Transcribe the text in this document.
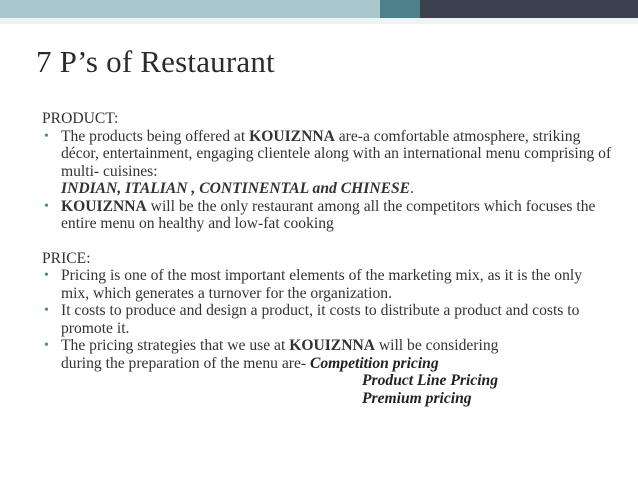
7 P’s of Restaurant

PRODUCT:

• The products being offered at KOUIZNNA are-a comfortable atmosphere, striking décor, entertainment, engaging clientele along with an international menu comprising of multi- cuisines:

INDIAN, ITALIAN , CONTINENTAL and CHINESE.

• KOUIZNNA will be the only restaurant among all the competitors which focuses the entire menu on healthy and low-fat cooking

PRICE:

• Pricing is one of the most important elements of the marketing mix, as it is the only mix, which generates a turnover for the organization.

• It costs to produce and design a product, it costs to distribute a product and costs to promote it.

• The pricing strategies that we use at KOUIZNNA will be considering
during the preparation of the menu are- Competition pricing

Product Line Pricing

Premium pricing
